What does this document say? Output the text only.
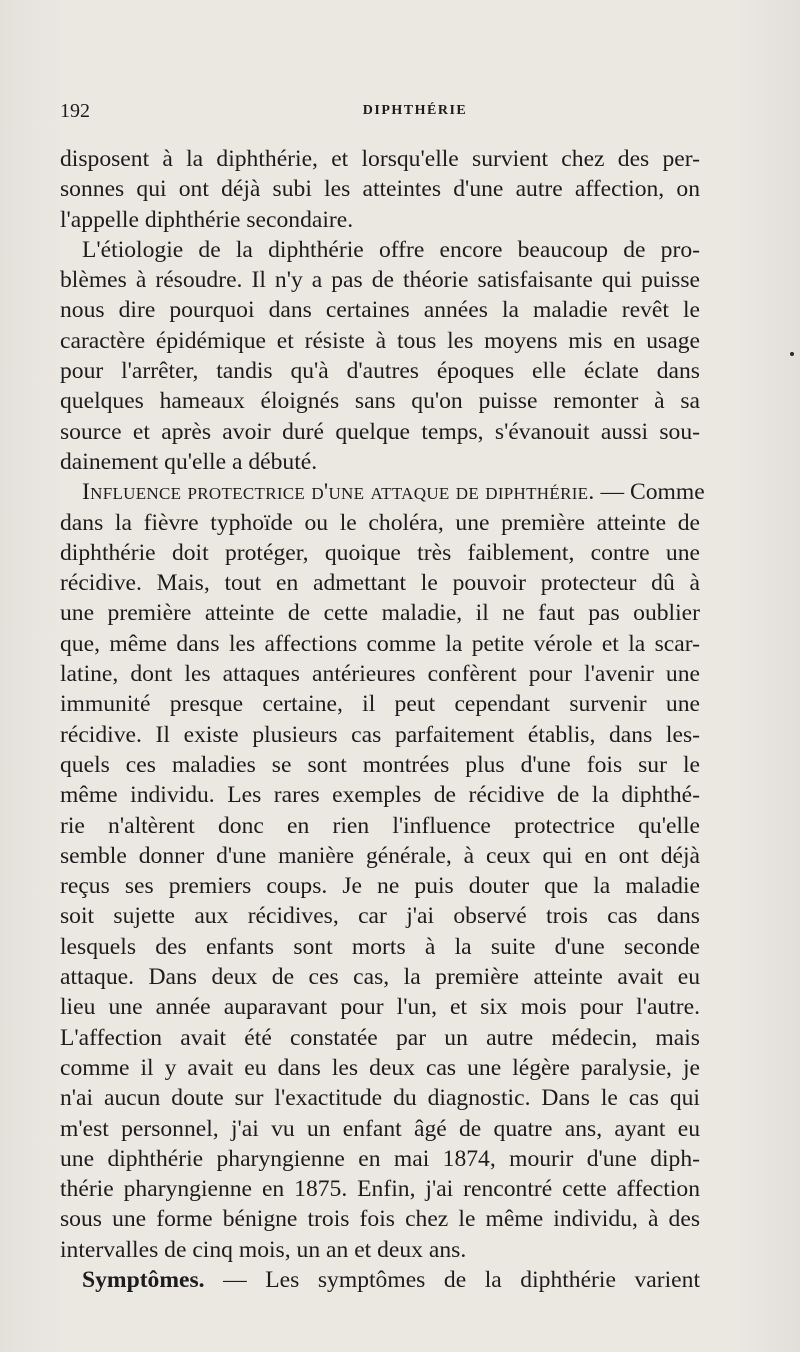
192	DIPHTHÉRIE
disposent à la diphthérie, et lorsqu'elle survient chez des per-
sonnes qui ont déjà subi les atteintes d'une autre affection, on
l'appelle diphthérie secondaire.
L'étiologie de la diphthérie offre encore beaucoup de pro-
blèmes à résoudre. Il n'y a pas de théorie satisfaisante qui puisse
nous dire pourquoi dans certaines années la maladie revêt le
caractère épidémique et résiste à tous les moyens mis en usage
pour l'arrêter, tandis qu'à d'autres époques elle éclate dans
quelques hameaux éloignés sans qu'on puisse remonter à sa
source et après avoir duré quelque temps, s'évanouit aussi sou-
dainement qu'elle a débuté.
Influence protectrice d'une attaque de diphthérie. — Comme
dans la fièvre typhoïde ou le choléra, une première atteinte de
diphthérie doit protéger, quoique très faiblement, contre une
récidive. Mais, tout en admettant le pouvoir protecteur dû à
une première atteinte de cette maladie, il ne faut pas oublier
que, même dans les affections comme la petite vérole et la scar-
latine, dont les attaques antérieures confèrent pour l'avenir une
immunité presque certaine, il peut cependant survenir une
récidive. Il existe plusieurs cas parfaitement établis, dans les-
quels ces maladies se sont montrées plus d'une fois sur le
même individu. Les rares exemples de récidive de la diphthé-
rie n'altèrent donc en rien l'influence protectrice qu'elle
semble donner d'une manière générale, à ceux qui en ont déjà
reçus ses premiers coups. Je ne puis douter que la maladie
soit sujette aux récidives, car j'ai observé trois cas dans
lesquels des enfants sont morts à la suite d'une seconde
attaque. Dans deux de ces cas, la première atteinte avait eu
lieu une année auparavant pour l'un, et six mois pour l'autre.
L'affection avait été constatée par un autre médecin, mais
comme il y avait eu dans les deux cas une légère paralysie, je
n'ai aucun doute sur l'exactitude du diagnostic. Dans le cas qui
m'est personnel, j'ai vu un enfant âgé de quatre ans, ayant eu
une diphthérie pharyngienne en mai 1874, mourir d'une diph-
thérie pharyngienne en 1875. Enfin, j'ai rencontré cette affection
sous une forme bénigne trois fois chez le même individu, à des
intervalles de cinq mois, un an et deux ans.
Symptômes. — Les symptômes de la diphthérie varient
